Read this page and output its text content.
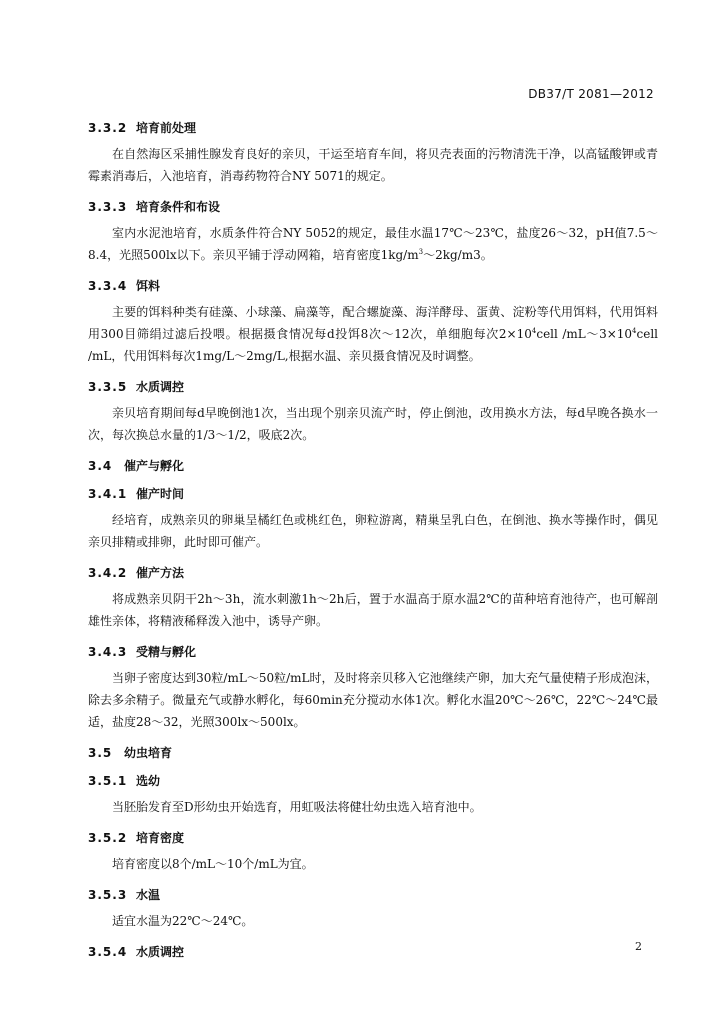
DB37/T 2081—2012
3.3.2 培育前处理

在自然海区采捕性腺发育良好的亲贝，干运至培育车间，将贝壳表面的污物清洗干净，以高锰酸钾或青霉素消毒后，入池培育，消毒药物符合NY 5071的规定。

3.3.3 培育条件和布设

室内水泥池培育，水质条件符合NY 5052的规定，最佳水温17℃～23℃，盐度26～32，pH值7.5～8.4，光照500lx以下。亲贝平铺于浮动网箱，培育密度$1kg/m^3\sim 2kg/m3$。

3.3.4 饵料

主要的饵料种类有硅藻、小球藻、扁藻等，配合螺旋藻、海洋酵母、蛋黄、淀粉等代用饵料，代用饵料用300目筛绢过滤后投喂。根据摄食情况每d投饵8次～12次，单细胞每次$2\times 10^4cell$ $/mL\sim 3\times 10^4cell$ /mL，代用饵料每次1mg/L～2mg/L,根据水温、亲贝摄食情况及时调整。

3.3.5 水质调控

亲贝培育期间每d早晚倒池1次，当出现个别亲贝流产时，停止倒池，改用换水方法，每d早晚各换水一次，每次换总水量的1/3～1/2，吸底2次。

3.4 催产与孵化
3.4.1 催产时间

经培育，成熟亲贝的卵巢呈橘红色或桃红色，卵粒游离，精巢呈乳白色，在倒池、换水等操作时，偶见亲贝排精或排卵，此时即可催产。

3.4.2 催产方法

将成熟亲贝阴干2h～3h，流水刺激1h～2h后，置于水温高于原水温2℃的苗种培育池待产，也可解剖雄性亲体，将精液稀释泼入池中，诱导产卵。

3.4.3 受精与孵化

当卵子密度达到30粒/mL～50粒/mL时，及时将亲贝移入它池继续产卵，加大充气量使精子形成泡沫，除去多余精子。微量充气或静水孵化，每60min充分搅动水体1次。孵化水温20℃～26℃，22℃～24℃最适，盐度28～32，光照300lx～500lx。

3.5 幼虫培育
3.5.1 选幼

当胚胎发育至D形幼虫开始选育，用虹吸法将健壮幼虫选入培育池中。

3.5.2 培育密度

培育密度以8个/mL～10个/mL为宜。

3.5.3 水温

适宜水温为22℃～24℃。

3.5.4 水质调控	2
